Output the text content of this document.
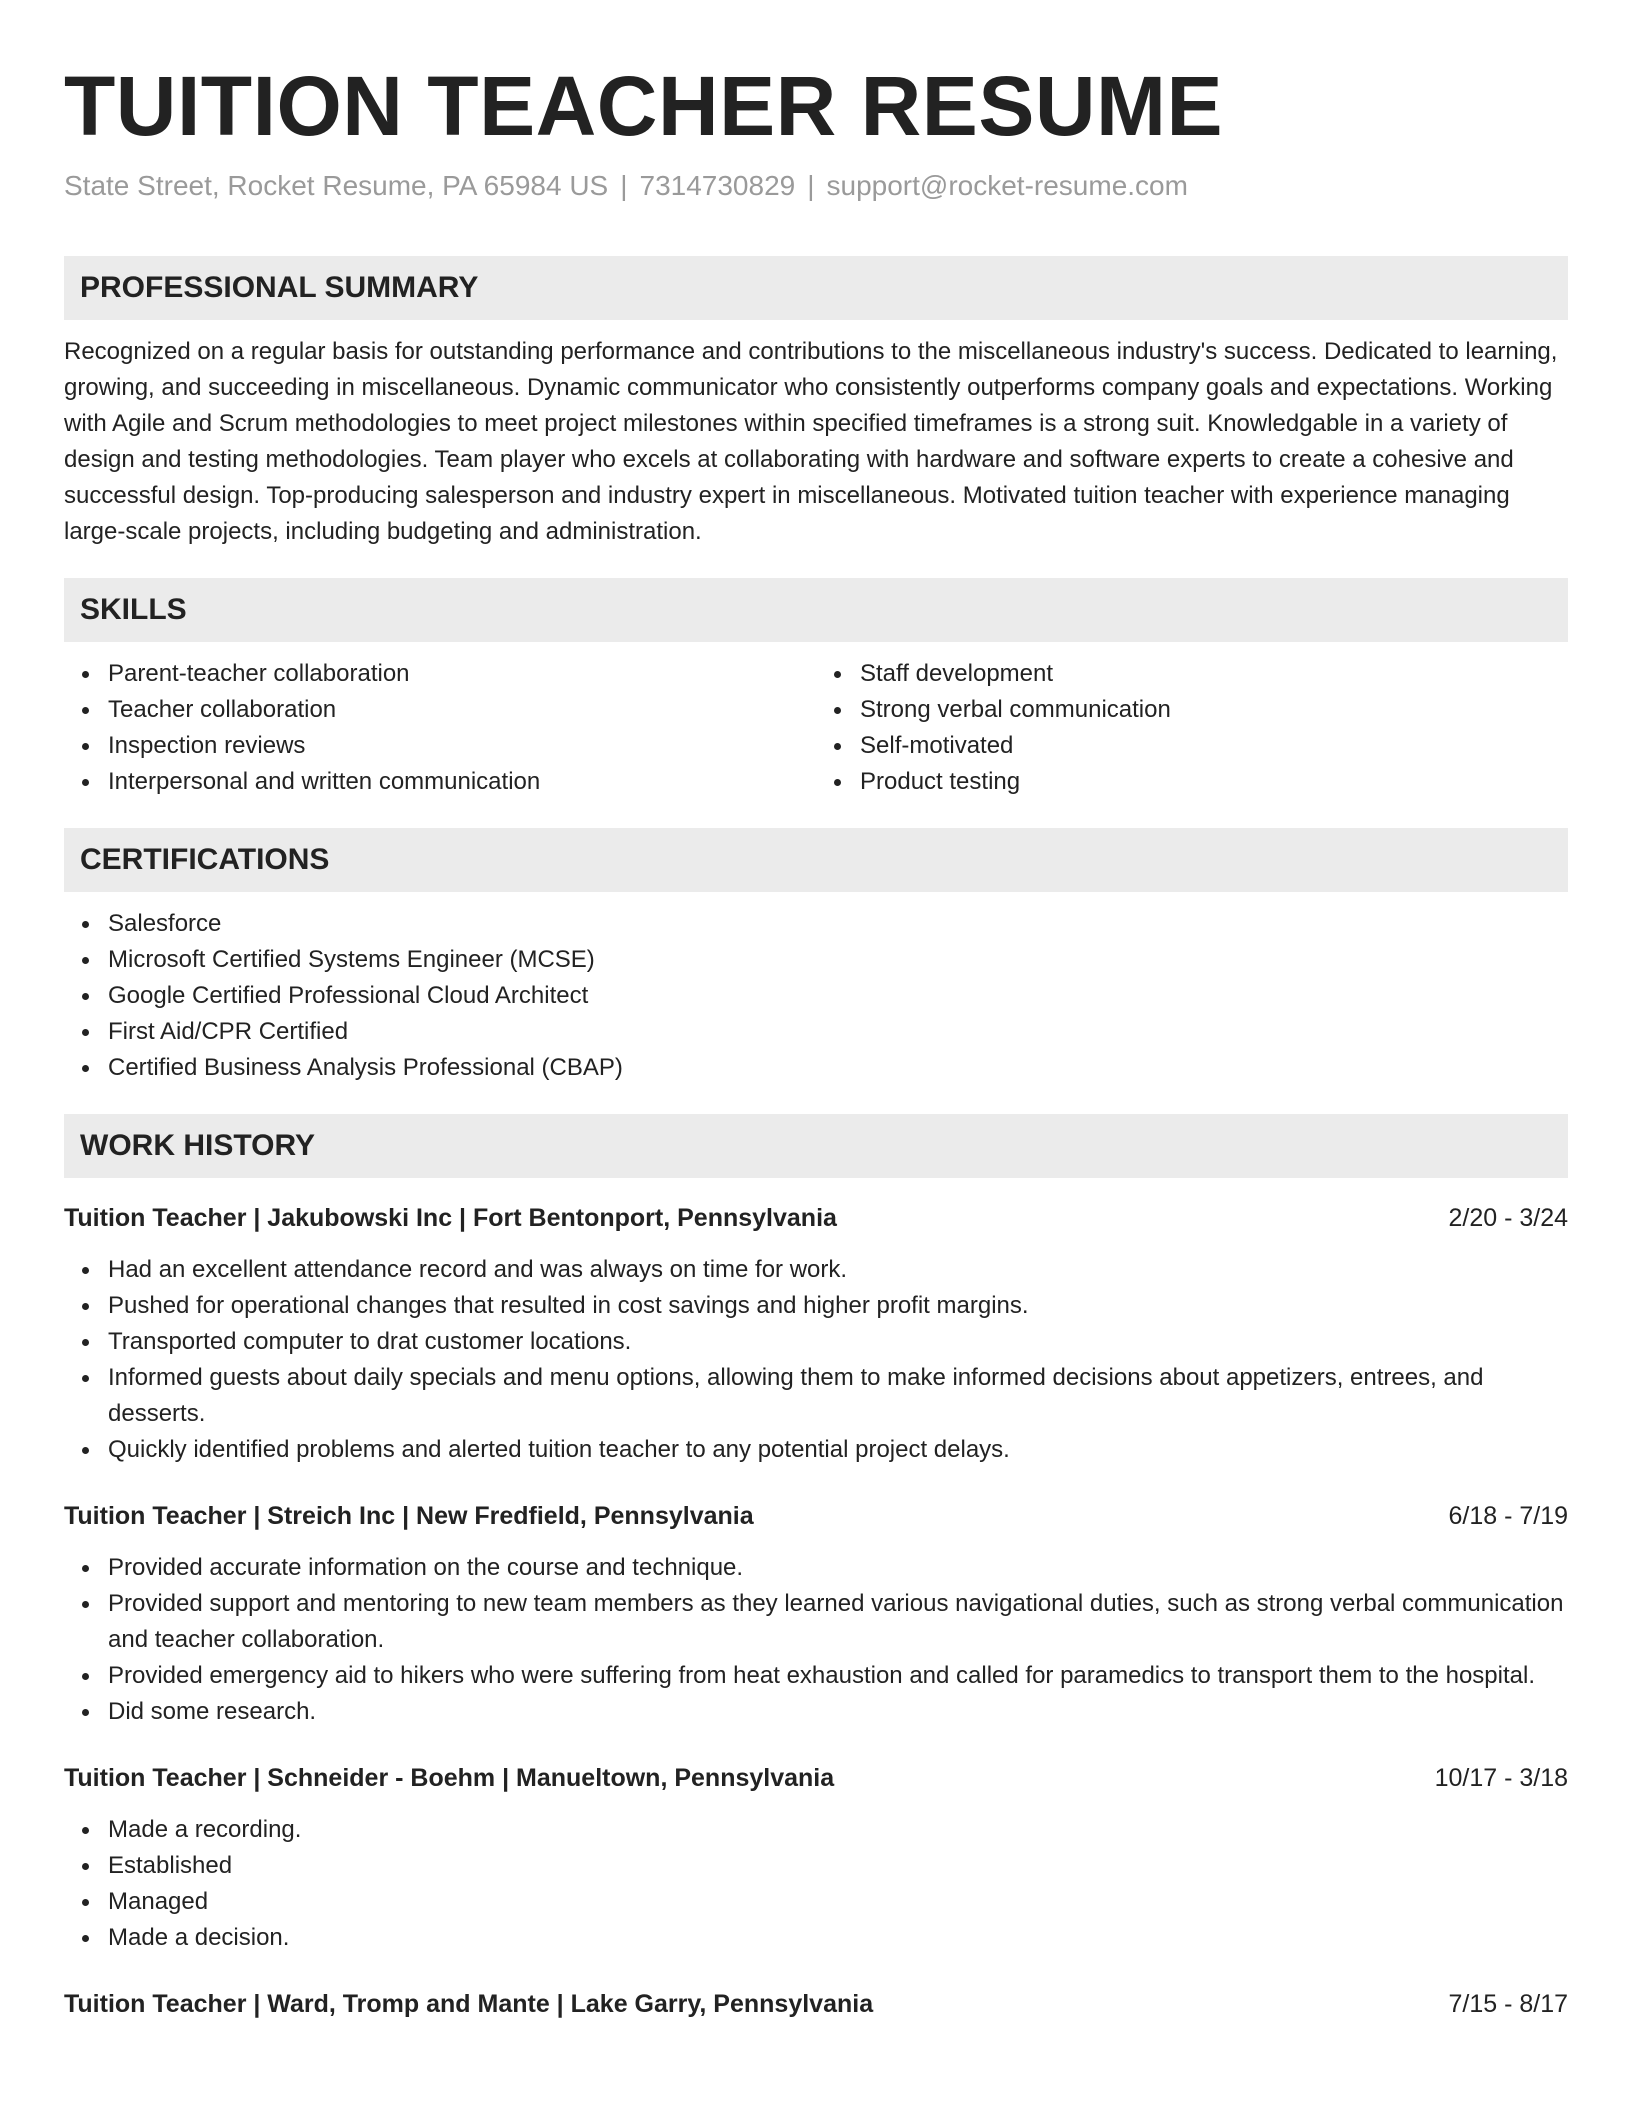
TUITION TEACHER RESUME
State Street, Rocket Resume, PA 65984 US | 7314730829 | support@rocket-resume.com
PROFESSIONAL SUMMARY

Recognized on a regular basis for outstanding performance and contributions to the miscellaneous industry's success. Dedicated to learning, growing, and succeeding in miscellaneous. Dynamic communicator who consistently outperforms company goals and expectations. Working with Agile and Scrum methodologies to meet project milestones within specified timeframes is a strong suit. Knowledgable in a variety of design and testing methodologies. Team player who excels at collaborating with hardware and software experts to create a cohesive and successful design. Top-producing salesperson and industry expert in miscellaneous. Motivated tuition teacher with experience managing large-scale projects, including budgeting and administration.

SKILLS
Parent-teacher collaboration
Teacher collaboration
Inspection reviews
Interpersonal and written communication
Staff development
Strong verbal communication
Self-motivated
Product testing
CERTIFICATIONS
Salesforce
Microsoft Certified Systems Engineer (MCSE)
Google Certified Professional Cloud Architect
First Aid/CPR Certified
Certified Business Analysis Professional (CBAP)
WORK HISTORY
Tuition Teacher | Jakubowski Inc | Fort Bentonport, Pennsylvania	2/20 - 3/24
Had an excellent attendance record and was always on time for work.
Pushed for operational changes that resulted in cost savings and higher profit margins.
Transported computer to drat customer locations.
Informed guests about daily specials and menu options, allowing them to make informed decisions about appetizers, entrees, and desserts.
Quickly identified problems and alerted tuition teacher to any potential project delays.
Tuition Teacher | Streich Inc | New Fredfield, Pennsylvania	6/18 - 7/19
Provided accurate information on the course and technique.
Provided support and mentoring to new team members as they learned various navigational duties, such as strong verbal communication and teacher collaboration.
Provided emergency aid to hikers who were suffering from heat exhaustion and called for paramedics to transport them to the hospital.
Did some research.
Tuition Teacher | Schneider - Boehm | Manueltown, Pennsylvania	10/17 - 3/18
Made a recording.
Established
Managed
Made a decision.
Tuition Teacher | Ward, Tromp and Mante | Lake Garry, Pennsylvania	7/15 - 8/17
